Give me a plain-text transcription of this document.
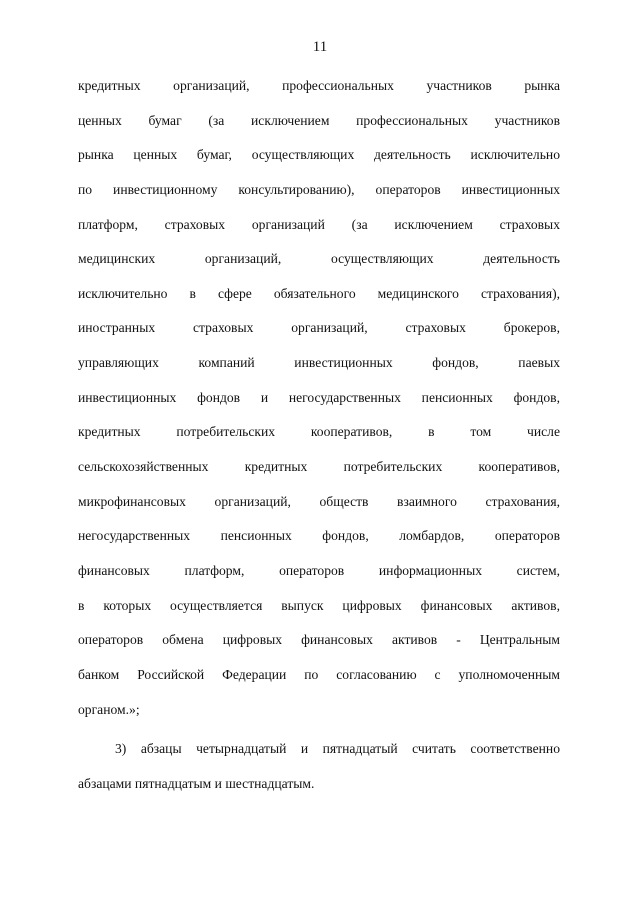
11
кредитных организаций, профессиональных участников рынка
ценных бумаг (за исключением профессиональных участников
рынка ценных бумаг, осуществляющих деятельность исключительно
по инвестиционному консультированию), операторов инвестиционных
платформ, страховых организаций (за исключением страховых
медицинских организаций, осуществляющих деятельность
исключительно в сфере обязательного медицинского страхования),
иностранных страховых организаций, страховых брокеров,
управляющих компаний инвестиционных фондов, паевых
инвестиционных фондов и негосударственных пенсионных фондов,
кредитных потребительских кооперативов, в том числе
сельскохозяйственных кредитных потребительских кооперативов,
микрофинансовых организаций, обществ взаимного страхования,
негосударственных пенсионных фондов, ломбардов, операторов
финансовых платформ, операторов информационных систем,
в которых осуществляется выпуск цифровых финансовых активов,
операторов обмена цифровых финансовых активов - Центральным
банком Российской Федерации по согласованию с уполномоченным
органом.»;
3) абзацы четырнадцатый и пятнадцатый считать соответственно
абзацами пятнадцатым и шестнадцатым.
